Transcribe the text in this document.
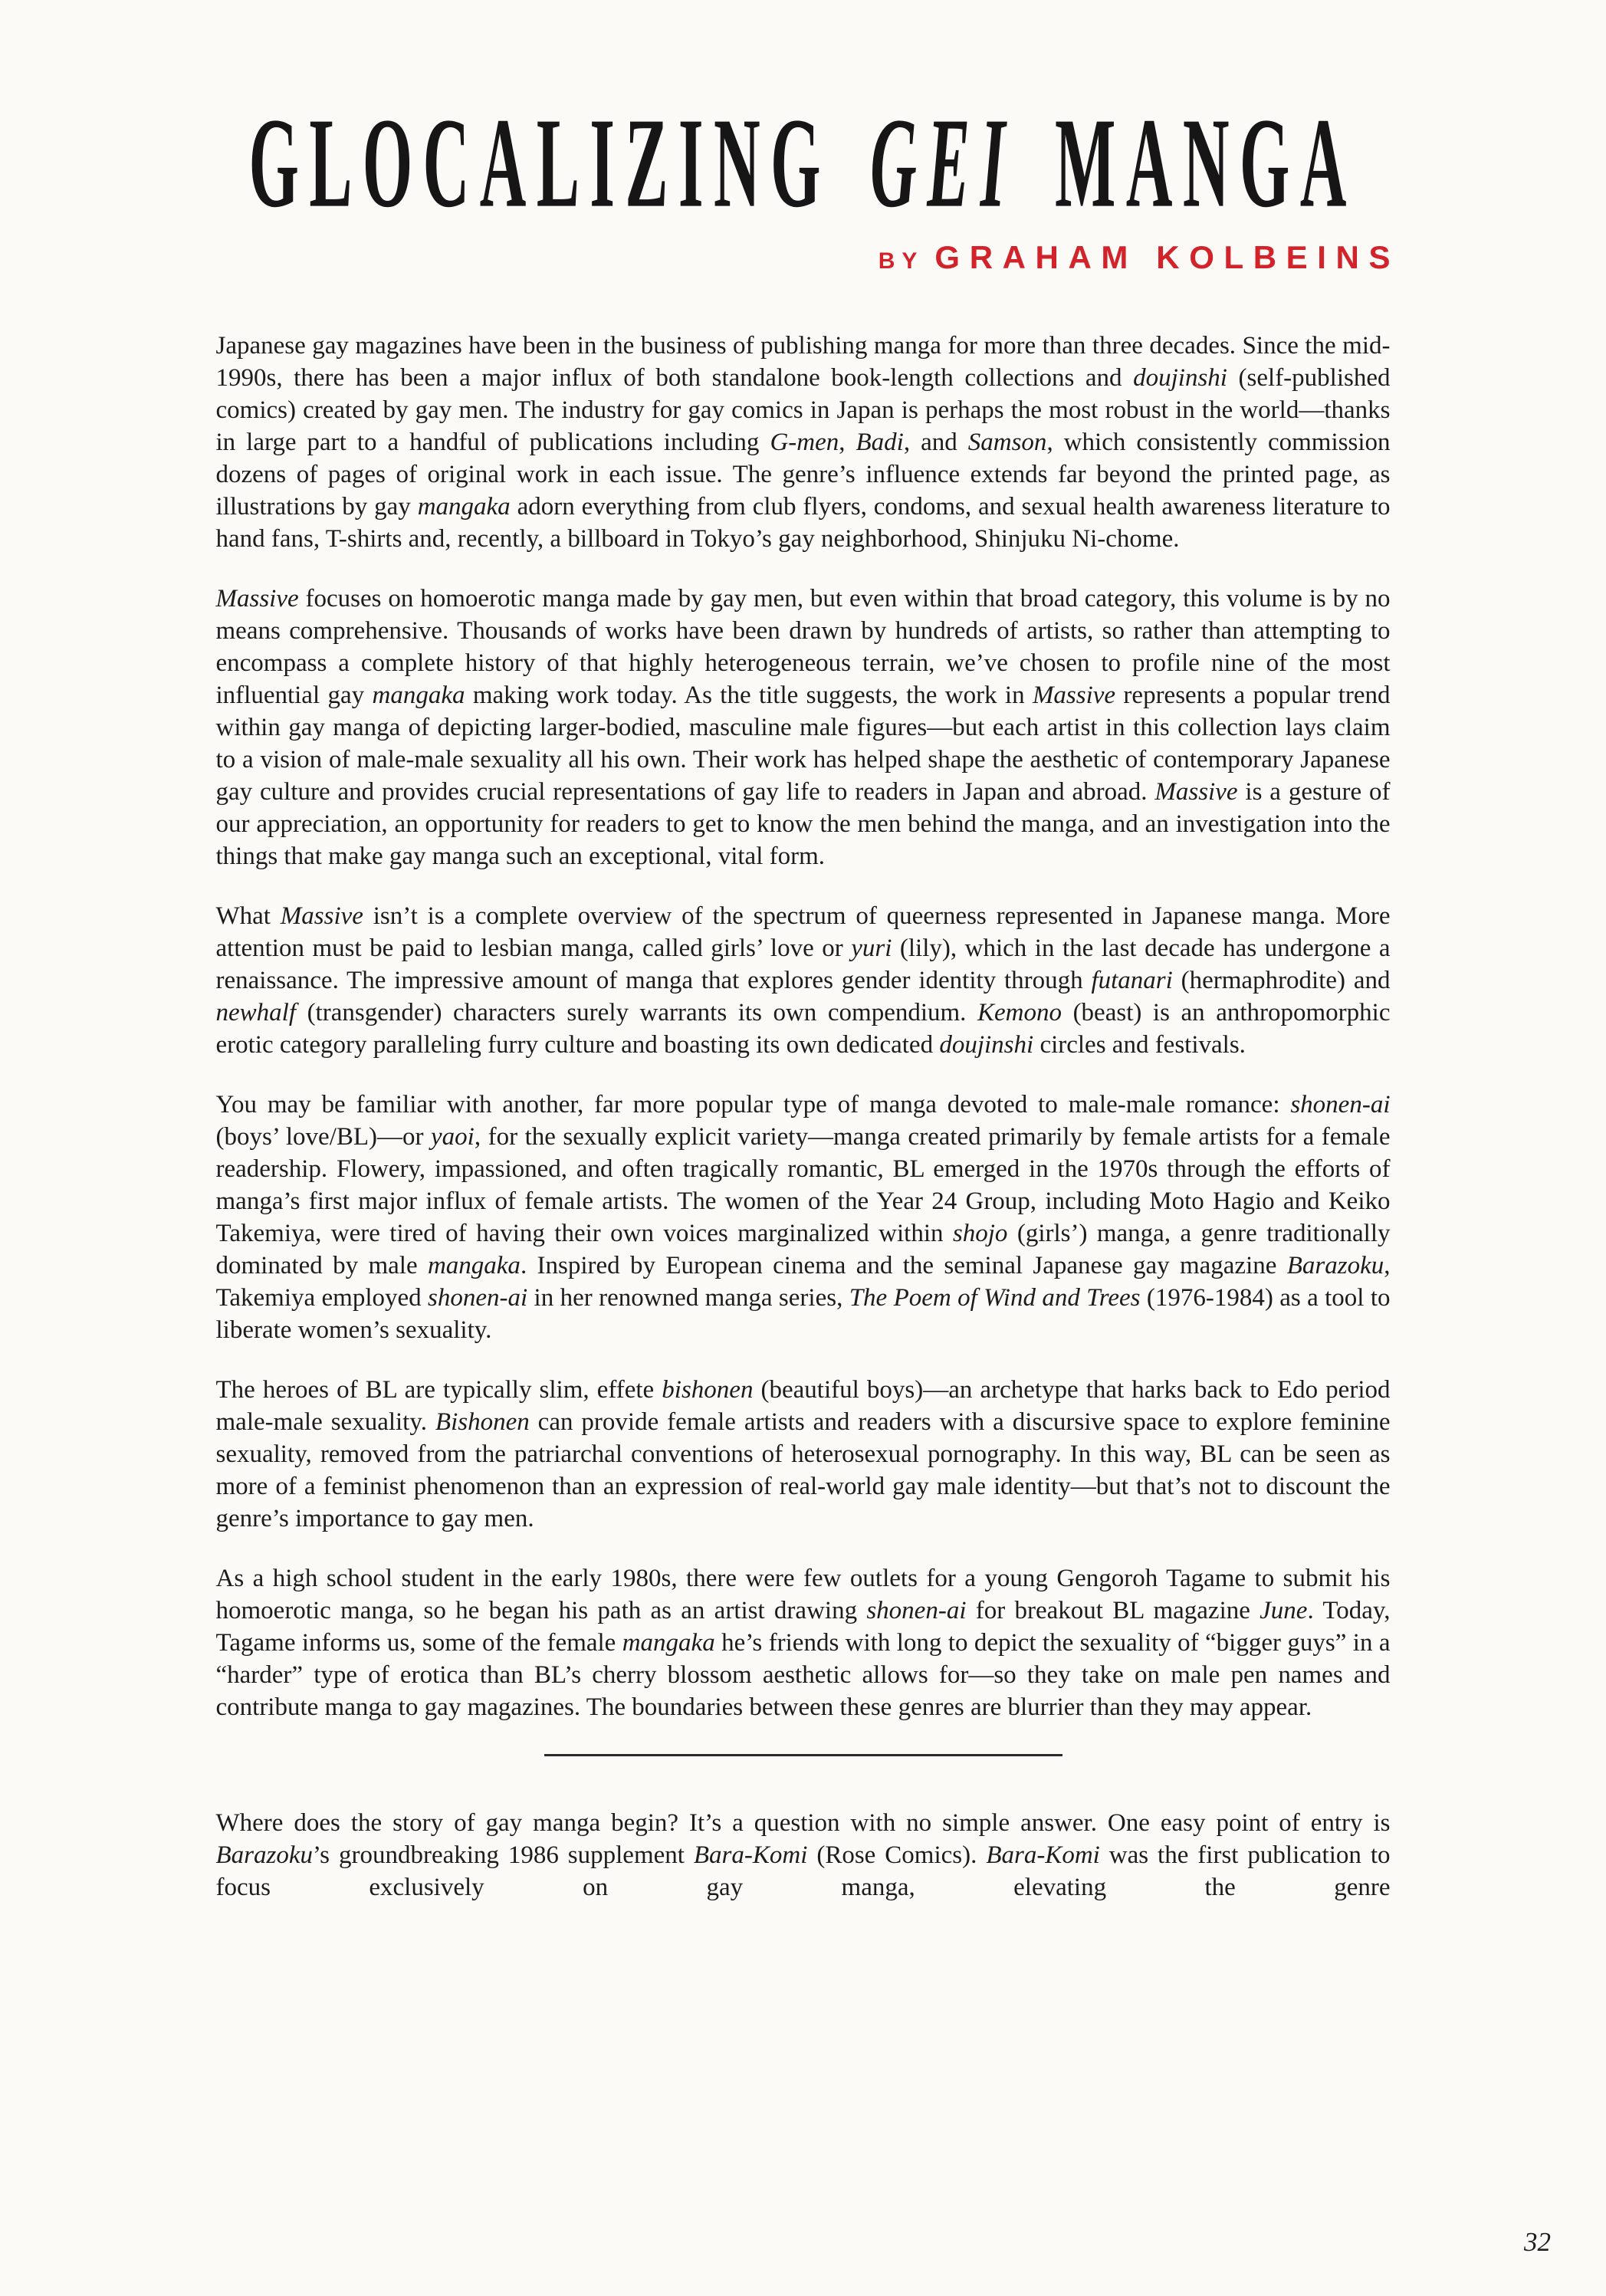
GLOCALIZING GEI MANGA
BY GRAHAM KOLBEINS

Japanese gay magazines have been in the business of publishing manga for more than three decades. Since the mid-1990s, there has been a major influx of both standalone book-length collections and doujinshi (self-published comics) created by gay men. The industry for gay comics in Japan is perhaps the most robust in the world—thanks in large part to a handful of publications including G-men, Badi, and Samson, which consistently commission dozens of pages of original work in each issue. The genre’s influence extends far beyond the printed page, as illustrations by gay mangaka adorn everything from club flyers, condoms, and sexual health awareness literature to hand fans, T-shirts and, recently, a billboard in Tokyo’s gay neighborhood, Shinjuku Ni-chome.

Massive focuses on homoerotic manga made by gay men, but even within that broad category, this volume is by no means comprehensive. Thousands of works have been drawn by hundreds of artists, so rather than attempting to encompass a complete history of that highly heterogeneous terrain, we’ve chosen to profile nine of the most influential gay mangaka making work today. As the title suggests, the work in Massive represents a popular trend within gay manga of depicting larger-bodied, masculine male figures—but each artist in this collection lays claim to a vision of male-male sexuality all his own. Their work has helped shape the aesthetic of contemporary Japanese gay culture and provides crucial representations of gay life to readers in Japan and abroad. Massive is a gesture of our appreciation, an opportunity for readers to get to know the men behind the manga, and an investigation into the things that make gay manga such an exceptional, vital form.

What Massive isn’t is a complete overview of the spectrum of queerness represented in Japanese manga. More attention must be paid to lesbian manga, called girls’ love or yuri (lily), which in the last decade has undergone a renaissance. The impressive amount of manga that explores gender identity through futanari (hermaphrodite) and newhalf (transgender) characters surely warrants its own compendium. Kemono (beast) is an anthropomorphic erotic category paralleling furry culture and boasting its own dedicated doujinshi circles and festivals.

You may be familiar with another, far more popular type of manga devoted to male-male romance: shonen-ai (boys’ love/BL)—or yaoi, for the sexually explicit variety—manga created primarily by female artists for a female readership. Flowery, impassioned, and often tragically romantic, BL emerged in the 1970s through the efforts of manga’s first major influx of female artists. The women of the Year 24 Group, including Moto Hagio and Keiko Takemiya, were tired of having their own voices marginalized within shojo (girls’) manga, a genre traditionally dominated by male mangaka. Inspired by European cinema and the seminal Japanese gay magazine Barazoku, Takemiya employed shonen-ai in her renowned manga series, The Poem of Wind and Trees (1976-1984) as a tool to liberate women’s sexuality.

The heroes of BL are typically slim, effete bishonen (beautiful boys)—an archetype that harks back to Edo period male-male sexuality. Bishonen can provide female artists and readers with a discursive space to explore feminine sexuality, removed from the patriarchal conventions of heterosexual pornography. In this way, BL can be seen as more of a feminist phenomenon than an expression of real-world gay male identity—but that’s not to discount the genre’s importance to gay men.

As a high school student in the early 1980s, there were few outlets for a young Gengoroh Tagame to submit his homoerotic manga, so he began his path as an artist drawing shonen-ai for breakout BL magazine June. Today, Tagame informs us, some of the female mangaka he’s friends with long to depict the sexuality of “bigger guys” in a “harder” type of erotica than BL’s cherry blossom aesthetic allows for—so they take on male pen names and contribute manga to gay magazines. The boundaries between these genres are blurrier than they may appear.

Where does the story of gay manga begin? It’s a question with no simple answer. One easy point of entry is Barazoku’s groundbreaking 1986 supplement Bara-Komi (Rose Comics). Bara-Komi was the first publication to focus exclusively on gay manga, elevating the genre

32
